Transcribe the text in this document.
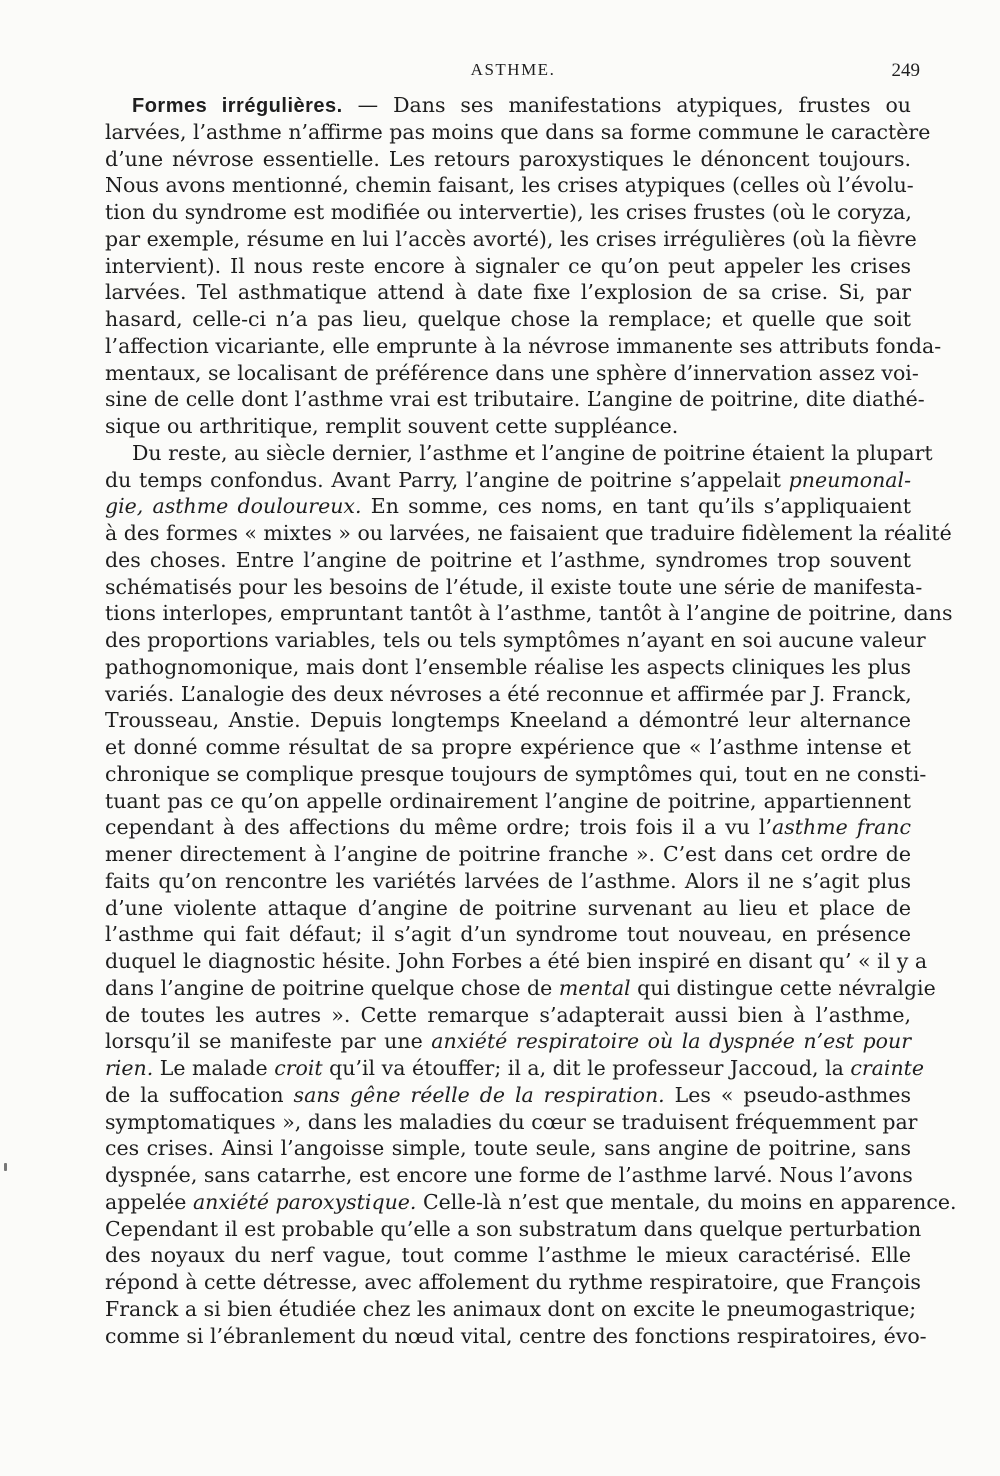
ASTHME.	249
Formes irrégulières. — Dans ses manifestations atypiques, frustes ou
larvées, l’asthme n’affirme pas moins que dans sa forme commune le caractère
d’une névrose essentielle. Les retours paroxystiques le dénoncent toujours.
Nous avons mentionné, chemin faisant, les crises atypiques (celles où l’évolu-
tion du syndrome est modifiée ou intervertie), les crises frustes (où le coryza,
par exemple, résume en lui l’accès avorté), les crises irrégulières (où la fièvre
intervient). Il nous reste encore à signaler ce qu’on peut appeler les crises
larvées. Tel asthmatique attend à date fixe l’explosion de sa crise. Si, par
hasard, celle-ci n’a pas lieu, quelque chose la remplace; et quelle que soit
l’affection vicariante, elle emprunte à la névrose immanente ses attributs fonda-
mentaux, se localisant de préférence dans une sphère d’innervation assez voi-
sine de celle dont l’asthme vrai est tributaire. L’angine de poitrine, dite diathé-
sique ou arthritique, remplit souvent cette suppléance.
Du reste, au siècle dernier, l’asthme et l’angine de poitrine étaient la plupart
du temps confondus. Avant Parry, l’angine de poitrine s’appelait pneumonal-
gie, asthme douloureux. En somme, ces noms, en tant qu’ils s’appliquaient
à des formes « mixtes » ou larvées, ne faisaient que traduire fidèlement la réalité
des choses. Entre l’angine de poitrine et l’asthme, syndromes trop souvent
schématisés pour les besoins de l’étude, il existe toute une série de manifesta-
tions interlopes, empruntant tantôt à l’asthme, tantôt à l’angine de poitrine, dans
des proportions variables, tels ou tels symptômes n’ayant en soi aucune valeur
pathognomonique, mais dont l’ensemble réalise les aspects cliniques les plus
variés. L’analogie des deux névroses a été reconnue et affirmée par J. Franck,
Trousseau, Anstie. Depuis longtemps Kneeland a démontré leur alternance
et donné comme résultat de sa propre expérience que « l’asthme intense et
chronique se complique presque toujours de symptômes qui, tout en ne consti-
tuant pas ce qu’on appelle ordinairement l’angine de poitrine, appartiennent
cependant à des affections du même ordre; trois fois il a vu l’asthme franc
mener directement à l’angine de poitrine franche ». C’est dans cet ordre de
faits qu’on rencontre les variétés larvées de l’asthme. Alors il ne s’agit plus
d’une violente attaque d’angine de poitrine survenant au lieu et place de
l’asthme qui fait défaut; il s’agit d’un syndrome tout nouveau, en présence
duquel le diagnostic hésite. John Forbes a été bien inspiré en disant qu’ « il y a
dans l’angine de poitrine quelque chose de mental qui distingue cette névralgie
de toutes les autres ». Cette remarque s’adapterait aussi bien à l’asthme,
lorsqu’il se manifeste par une anxiété respiratoire où la dyspnée n’est pour
rien. Le malade croit qu’il va étouffer; il a, dit le professeur Jaccoud, la crainte
de la suffocation sans gêne réelle de la respiration. Les « pseudo-asthmes
symptomatiques », dans les maladies du cœur se traduisent fréquemment par
ces crises. Ainsi l’angoisse simple, toute seule, sans angine de poitrine, sans
dyspnée, sans catarrhe, est encore une forme de l’asthme larvé. Nous l’avons
appelée anxiété paroxystique. Celle-là n’est que mentale, du moins en apparence.
Cependant il est probable qu’elle a son substratum dans quelque perturbation
des noyaux du nerf vague, tout comme l’asthme le mieux caractérisé. Elle
répond à cette détresse, avec affolement du rythme respiratoire, que François
Franck a si bien étudiée chez les animaux dont on excite le pneumogastrique;
comme si l’ébranlement du nœud vital, centre des fonctions respiratoires, évo-
